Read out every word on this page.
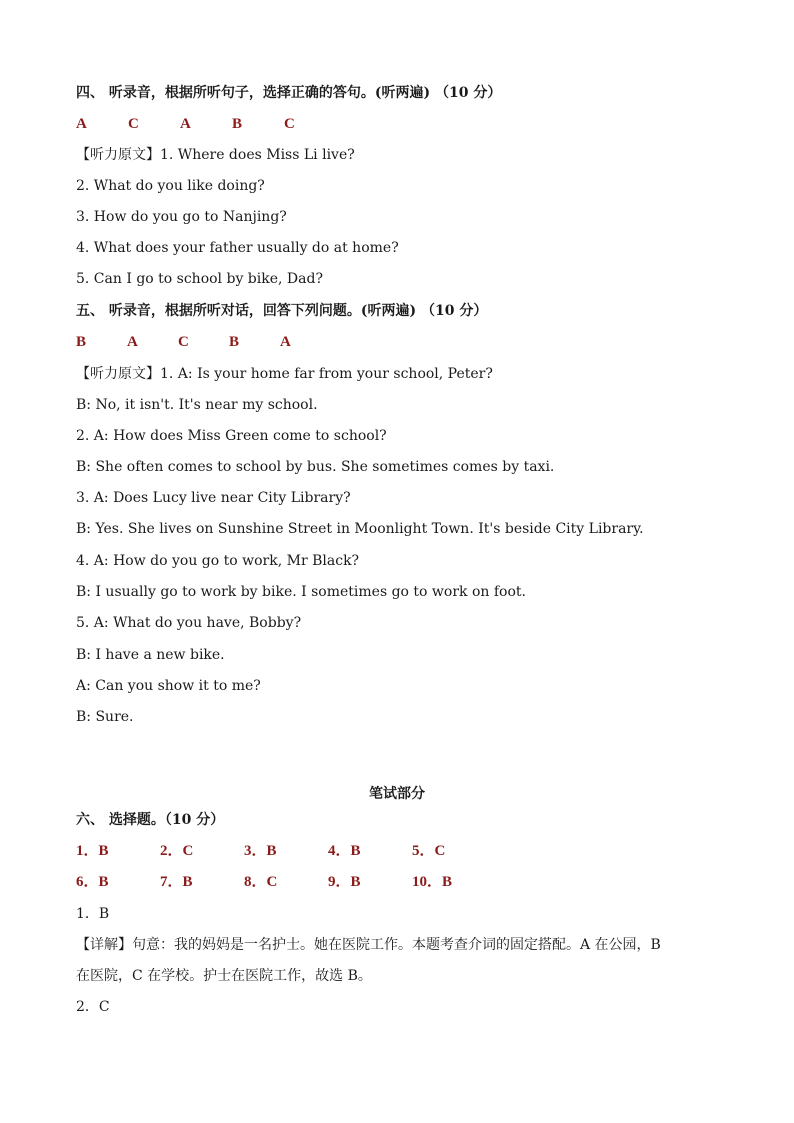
四、 听录音，根据所听句子，选择正确的答句。(听两遍) （10 分）
A	C	A	B	C
【听力原文】1. Where does Miss Li live?
2. What do you like doing?
3. How do you go to Nanjing?
4. What does your father usually do at home?
5. Can I go to school by bike, Dad?
五、 听录音，根据所听对话，回答下列问题。(听两遍) （10 分）
B	A	C	B	A
【听力原文】1. A: Is your home far from your school, Peter?
B: No, it isn't. It's near my school.
2. A: How does Miss Green come to school?
B: She often comes to school by bus. She sometimes comes by taxi.
3. A: Does Lucy live near City Library?
B: Yes. She lives on Sunshine Street in Moonlight Town. It's beside City Library.
4. A: How do you go to work, Mr Black?
B: I usually go to work by bike. I sometimes go to work on foot.
5. A: What do you have, Bobby?
B: I have a new bike.
A: Can you show it to me?
B: Sure.
笔试部分
六、 选择题。（10 分）
1．B	2．C	3．B	4．B	5．C
6．B	7．B	8．C	9．B	10．B
1．B
【详解】句意：我的妈妈是一名护士。她在医院工作。本题考查介词的固定搭配。A 在公园，B
在医院，C 在学校。护士在医院工作，故选 B。
2．C
